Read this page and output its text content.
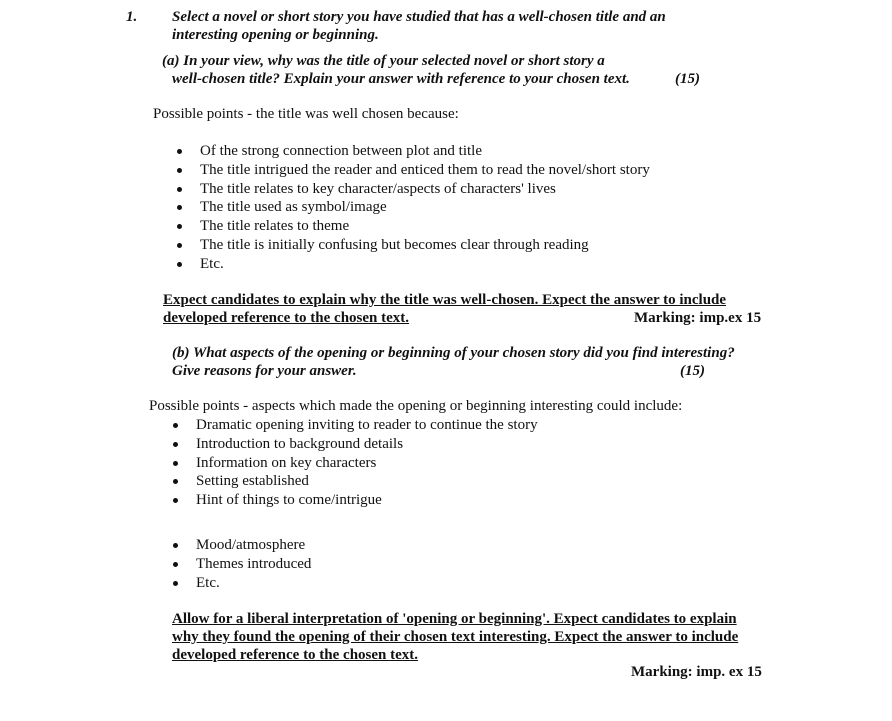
1. Select a novel or short story you have studied that has a well-chosen title and an
interesting opening or beginning.
(a) In your view, why was the title of your selected novel or short story a
well-chosen title? Explain your answer with reference to your chosen text.	(15)
Possible points - the title was well chosen because:
Of the strong connection between plot and title
The title intrigued the reader and enticed them to read the novel/short story
The title relates to key character/aspects of characters' lives
The title used as symbol/image
The title relates to theme
The title is initially confusing but becomes clear through reading
Etc.
Expect candidates to explain why the title was well-chosen. Expect the answer to include
developed reference to the chosen text.	Marking: imp.ex 15
(b) What aspects of the opening or beginning of your chosen story did you find interesting?
Give reasons for your answer.	(15)
Possible points - aspects which made the opening or beginning interesting could include:
Dramatic opening inviting to reader to continue the story
Introduction to background details
Information on key characters
Setting established
Hint of things to come/intrigue
Mood/atmosphere
Themes introduced
Etc.
Allow for a liberal interpretation of 'opening or beginning'. Expect candidates to explain
why they found the opening of their chosen text interesting. Expect the answer to include
developed reference to the chosen text.
Marking: imp. ex 15
